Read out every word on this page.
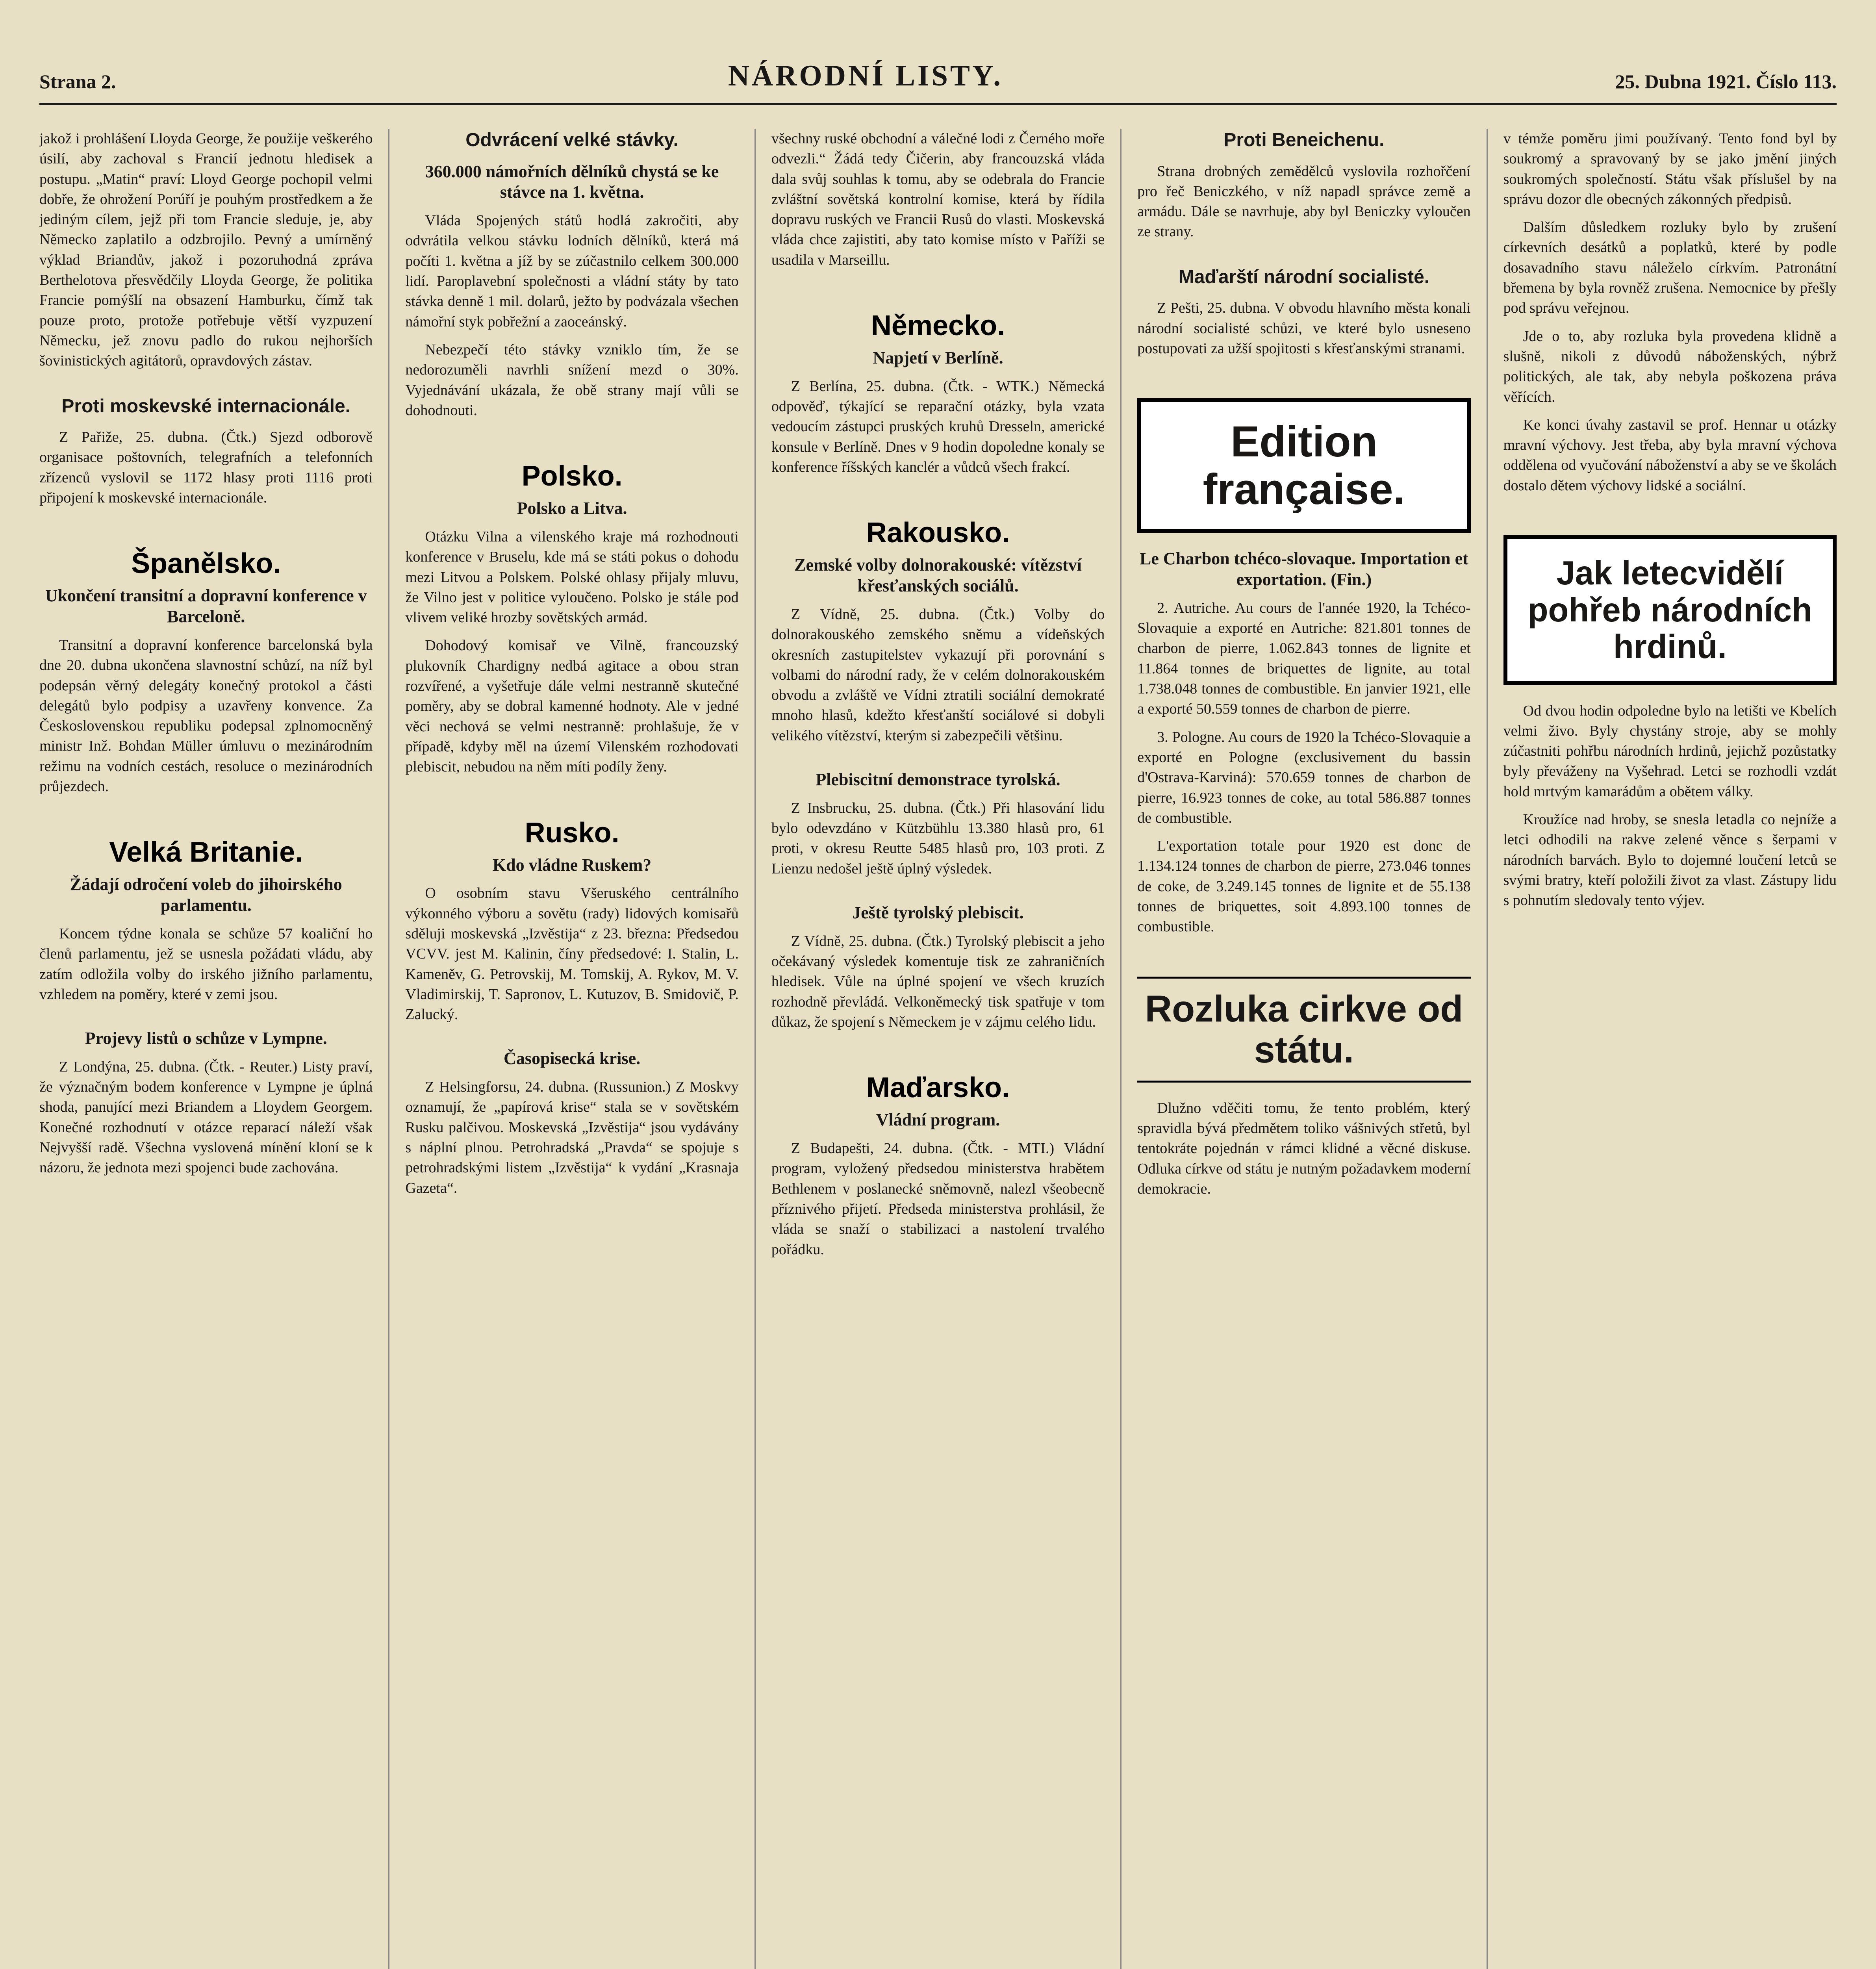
Strana 2.	NÁRODNÍ LISTY.	25. Dubna 1921. Číslo 113.
jakož i prohlášení Lloyda George, že použije veškerého úsilí, aby zachoval s Francií jednotu hledisek a postupu. „Matin“ praví: Lloyd George pochopil velmi dobře, že ohrožení Porúří je pouhým prostředkem a že jediným cílem, jejž při tom Francie sleduje, je, aby Německo zaplatilo a odzbrojilo. Pevný a umírněný výklad Briandův, jakož i pozoruhodná zpráva Berthelotova přesvědčily Lloyda George, že politika Francie pomýšlí na obsazení Hamburku, čímž tak pouze proto, protože potřebuje větší vyzpuzení Německu, jež znovu padlo do rukou nejhorších šovinistických agitátorů, opravdových zástav.
Proti moskevské internacionále.
Z Pařiže, 25. dubna. (Čtk.) Sjezd odborově organisace poštovních, telegrafních a telefonních zřízenců vyslovil se 1172 hlasy proti 1116 proti připojení k moskevské internacionále.
Španělsko.
Ukončení transitní a dopravní konference v Barceloně.
Transitní a dopravní konference barcelonská byla dne 20. dubna ukončena slavnostní schůzí, na níž byl podepsán věrný delegáty konečný protokol a části delegátů bylo podpisy a uzavřeny konvence. Za Československou republiku podepsal zplnomocněný ministr Inž. Bohdan Müller úmluvu o mezinárodním režimu na vodních cestách, resoluce o mezinárodních průjezdech.
Velká Britanie.
Žádají odročení voleb do jihoirského parlamentu.
Koncem týdne konala se schůze 57 koaliční ho členů parlamentu, jež se usnesla požádati vládu, aby zatím odložila volby do irského jižního parlamentu, vzhledem na poměry, které v zemi jsou.
Projevy listů o schůze v Lympne.
Z Londýna, 25. dubna. (Čtk. - Reuter.) Listy praví, že význačným bodem konference v Lympne je úplná shoda, panující mezi Briandem a Lloydem Georgem. Konečné rozhodnutí v otázce reparací náleží však Nejvyšší radě. Všechna vyslovená mínění kloní se k názoru, že jednota mezi spojenci bude zachována.
Odvrácení velké stávky.
360.000 námořních dělníků chystá se ke stávce na 1. května.
Vláda Spojených států hodlá zakročiti, aby odvrátila velkou stávku lodních dělníků, která má počíti 1. května a jíž by se zúčastnilo celkem 300.000 lidí. Paroplavební společnosti a vládní státy by tato stávka denně 1 mil. dolarů, ježto by podvázala všechen námořní styk pobřežní a zaoceánský.
Nebezpečí této stávky vzniklo tím, že se nedorozuměli navrhli snížení mezd o 30%. Vyjednávání ukázala, že obě strany mají vůli se dohodnouti.
Polsko.
Polsko a Litva.
Otázku Vilna a vilenského kraje má rozhodnouti konference v Bruselu, kde má se státi pokus o dohodu mezi Litvou a Polskem. Polské ohlasy přijaly mluvu, že Vilno jest v politice vyloučeno. Polsko je stále pod vlivem veliké hrozby sovětských armád.
Dohodový komisař ve Vilně, francouzský plukovník Chardigny nedbá agitace a obou stran rozvířené, a vyšetřuje dále velmi nestranně skutečné poměry, aby se dobral kamenné hodnoty. Ale v jedné věci nechová se velmi nestranně: prohlašuje, že v případě, kdyby měl na území Vilenském rozhodovati plebiscit, nebudou na něm míti podíly ženy.
Rusko.
Kdo vládne Ruskem?
O osobním stavu Všeruského centrálního výkonného výboru a sovětu (rady) lidových komisařů sděluji moskevská „Izvěstija“ z 23. března: Předsedou VCVV. jest M. Kalinin, číny předsedové: I. Stalin, L. Kameněv, G. Petrovskij, M. Tomskij, A. Rykov, M. V. Vladimirskij, T. Sapronov, L. Kutuzov, B. Smidovič, P. Zalucký.
Časopisecká krise.
Z Helsingforsu, 24. dubna. (Russunion.) Z Moskvy oznamují, že „papírová krise“ stala se v sovětském Rusku palčivou. Moskevská „Izvěstija“ jsou vydávány s náplní plnou. Petrohradská „Pravda“ se spojuje s petrohradskými listem „Izvěstija“ k vydání „Krasnaja Gazeta“.
všechny ruské obchodní a válečné lodi z Černého moře odvezli.“ Žádá tedy Čičerin, aby francouzská vláda dala svůj souhlas k tomu, aby se odebrala do Francie zvláštní sovětská kontrolní komise, která by řídila dopravu ruských ve Francii Rusů do vlasti. Moskevská vláda chce zajistiti, aby tato komise místo v Paříži se usadila v Marseillu.
Německo.
Napjetí v Berlíně.
Z Berlína, 25. dubna. (Čtk. - WTK.) Německá odpověď, týkající se reparační otázky, byla vzata vedoucím zástupci pruských kruhů Dresseln, americké konsule v Berlíně. Dnes v 9 hodin dopoledne konaly se konference říšských kanclér a vůdců všech frakcí.
Rakousko.
Zemské volby dolnorakouské: vítězství křesťanských sociálů.
Z Vídně, 25. dubna. (Čtk.) Volby do dolnorakouského zemského sněmu a vídeňských okresních zastupitelstev vykazují při porovnání s volbami do národní rady, že v celém dolnorakouském obvodu a zvláště ve Vídni ztratili sociální demokraté mnoho hlasů, kdežto křesťanští sociálové si dobyli velikého vítězství, kterým si zabezpečili většinu.
Plebiscitní demonstrace tyrolská.
Z Insbrucku, 25. dubna. (Čtk.) Při hlasování lidu bylo odevzdáno v Kützbühlu 13.380 hlasů pro, 61 proti, v okresu Reutte 5485 hlasů pro, 103 proti. Z Lienzu nedošel ještě úplný výsledek.
Ještě tyrolský plebiscit.
Z Vídně, 25. dubna. (Čtk.) Tyrolský plebiscit a jeho očekávaný výsledek komentuje tisk ze zahraničních hledisek. Vůle na úplné spojení ve všech kruzích rozhodně převládá. Velkoněmecký tisk spatřuje v tom důkaz, že spojení s Německem je v zájmu celého lidu.
Maďarsko.
Vládní program.
Z Budapešti, 24. dubna. (Čtk. - MTI.) Vládní program, vyložený předsedou ministerstva hrabětem Bethlenem v poslanecké sněmovně, nalezl všeobecně příznivého přijetí. Předseda ministerstva prohlásil, že vláda se snaží o stabilizaci a nastolení trvalého pořádku.
Proti Beneichenu.
Strana drobných zemědělců vyslovila rozhořčení pro řeč Beniczkého, v níž napadl správce země a armádu. Dále se navrhuje, aby byl Beniczky vyloučen ze strany.
Maďarští národní socialisté.
Z Pešti, 25. dubna. V obvodu hlavního města konali národní socialisté schůzi, ve které bylo usneseno postupovati za užší spojitosti s křesťanskými stranami.
Edition française.
Le Charbon tchéco-slovaque. Importation et exportation. (Fin.)
2. Autriche. Au cours de l'année 1920, la Tchéco-Slovaquie a exporté en Autriche: 821.801 tonnes de charbon de pierre, 1.062.843 tonnes de lignite et 11.864 tonnes de briquettes de lignite, au total 1.738.048 tonnes de combustible. En janvier 1921, elle a exporté 50.559 tonnes de charbon de pierre.
3. Pologne. Au cours de 1920 la Tchéco-Slovaquie a exporté en Pologne (exclusivement du bassin d'Ostrava-Karviná): 570.659 tonnes de charbon de pierre, 16.923 tonnes de coke, au total 586.887 tonnes de combustible.
L'exportation totale pour 1920 est donc de 1.134.124 tonnes de charbon de pierre, 273.046 tonnes de coke, de 3.249.145 tonnes de lignite et de 55.138 tonnes de briquettes, soit 4.893.100 tonnes de combustible.
Rozluka cirkve od státu.
Dlužno vděčiti tomu, že tento problém, který spravidla bývá předmětem toliko vášnivých střetů, byl tentokráte pojednán v rámci klidné a věcné diskuse. Odluka církve od státu je nutným požadavkem moderní demokracie.
v témže poměru jimi používaný. Tento fond byl by soukromý a spravovaný by se jako jmění jiných soukromých společností. Státu však příslušel by na správu dozor dle obecných zákonných předpisů.
Dalším důsledkem rozluky bylo by zrušení církevních desátků a poplatků, které by podle dosavadního stavu náleželo církvím. Patronátní břemena by byla rovněž zrušena. Nemocnice by přešly pod správu veřejnou.
Jde o to, aby rozluka byla provedena klidně a slušně, nikoli z důvodů náboženských, nýbrž politických, ale tak, aby nebyla poškozena práva věřících.
Ke konci úvahy zastavil se prof. Hennar u otázky mravní výchovy. Jest třeba, aby byla mravní výchova oddělena od vyučování náboženství a aby se ve školách dostalo dětem výchovy lidské a sociální.
Jak letecvidělí pohřeb národních hrdinů.
Od dvou hodin odpoledne bylo na letišti ve Kbelích velmi živo. Byly chystány stroje, aby se mohly zúčastniti pohřbu národních hrdinů, jejichž pozůstatky byly převáženy na Vyšehrad. Letci se rozhodli vzdát hold mrtvým kamarádům a obětem války.
Kroužíce nad hroby, se snesla letadla co nejníže a letci odhodili na rakve zelené věnce s šerpami v národních barvách. Bylo to dojemné loučení letců se svými bratry, kteří položili život za vlast. Zástupy lidu s pohnutím sledovaly tento výjev.
